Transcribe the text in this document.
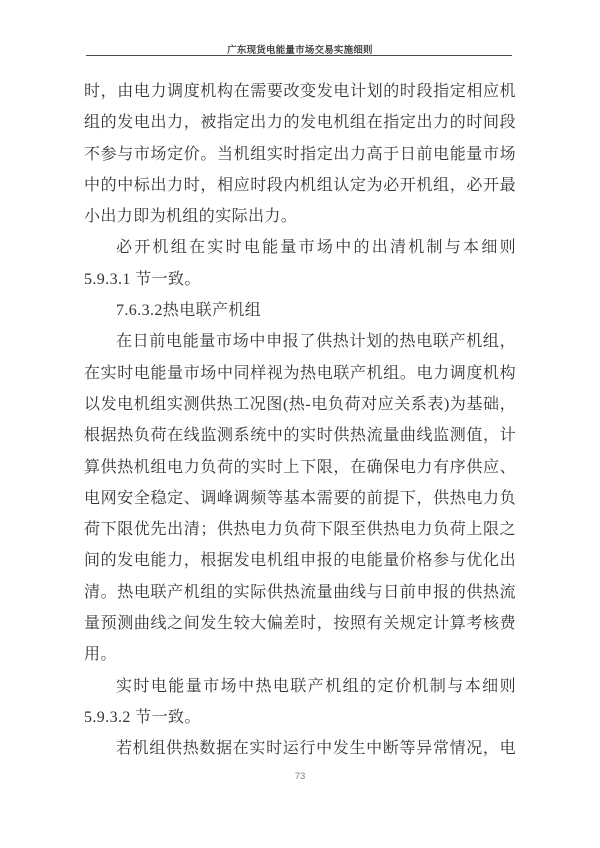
广东现货电能量市场交易实施细则
时，由电力调度机构在需要改变发电计划的时段指定相应机
组的发电出力，被指定出力的发电机组在指定出力的时间段
不参与市场定价。当机组实时指定出力高于日前电能量市场
中的中标出力时，相应时段内机组认定为必开机组，必开最
小出力即为机组的实际出力。
必开机组在实时电能量市场中的出清机制与本细则
5.9.3.1 节一致。
7.6.3.2热电联产机组
在日前电能量市场中申报了供热计划的热电联产机组，
在实时电能量市场中同样视为热电联产机组。电力调度机构
以发电机组实测供热工况图(热-电负荷对应关系表)为基础，
根据热负荷在线监测系统中的实时供热流量曲线监测值，计
算供热机组电力负荷的实时上下限，在确保电力有序供应、
电网安全稳定、调峰调频等基本需要的前提下，供热电力负
荷下限优先出清；供热电力负荷下限至供热电力负荷上限之
间的发电能力，根据发电机组申报的电能量价格参与优化出
清。热电联产机组的实际供热流量曲线与日前申报的供热流
量预测曲线之间发生较大偏差时，按照有关规定计算考核费
用。
实时电能量市场中热电联产机组的定价机制与本细则
5.9.3.2 节一致。
若机组供热数据在实时运行中发生中断等异常情况，电
73
